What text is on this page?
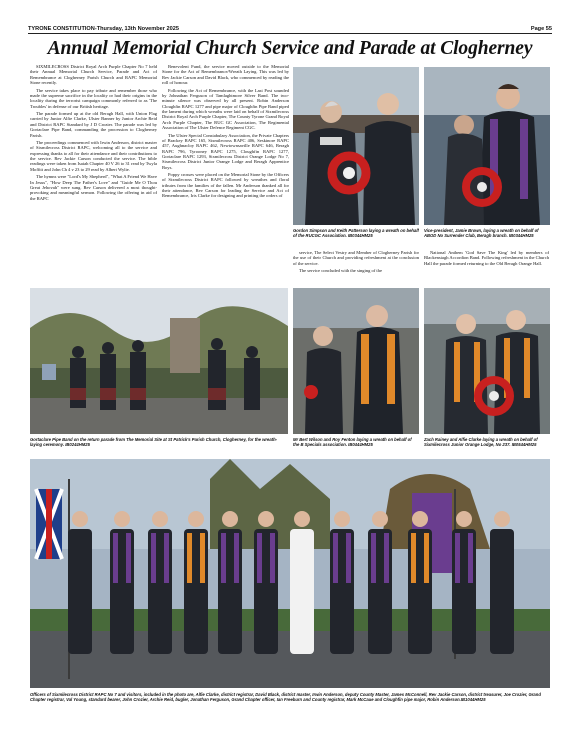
TYRONE CONSTITUTION-Thursday, 13th November 2025	Page 55
Annual Memorial Church Service and Parade at Clogherney

SIXMILECROSS District Royal Arch Purple Chapter No 7 held their Annual Memorial Church Service, Parade and Act of Remembrance at Clogherney Parish Church and RAPC Memorial Stone recently.

The service takes place to pay tribute and remember those who made the supreme sacrifice in the locality or had their origins in the locality during the terrorist campaign commonly referred to as 'The Troubles' in defense of our British heritage.

The parade formed up at the old Beragh Hall, with Union Flag carried by Junior Alfie Clarke, Ulster Banner by Junior Archie Reid and District RAPC Standard by J D Crozier. The parade was led by Gortaclare Pipe Band, commanding the procession to Clogherney Parish.

The proceedings commenced with Irwin Anderson, district master of Sixmilecross District RAPC, welcoming all to the service and expressing thanks to all for their attendance and their contributions to the service. Rev Jackie Carson conducted the service. The bible readings were taken from Isaiah Chapter 40 V 26 to 31 read by Twyla Moffitt and John Ch 4 v 23 to 29 read by Albert Wylie.

The hymns were "Lord's My Shepherd", "What A Friend We Have In Jesus", "How Deep The Father's Love" and "Guide Me O Thou Great Jehovah" were sung. Rev Carson delivered a most thought-provoking and meaningful sermon. Following the offering in aid of the RAPC

Benevolent Fund, the service moved outside to the Memorial Stone for the Act of Remembrance/Wreath Laying. This was led by Rev Jackie Carson and David Black, who commenced by reading the roll of honour.

Following the Act of Remembrance, with the Last Post sounded by Johnathan Ferguson of Tamlaghtmore Silver Band. The two-minute silence was observed by all present. Robin Anderson Cloughfin RAPC 1277 and pipe major of Cloughfin Pipe Band piped the lament during which wreaths were laid on behalf of Sixmilecross District Royal Arch Purple Chapter, The County Tyrone Grand Royal Arch Purple Chapter, The RUC GC Association, The Regimental Association of The Ulster Defence Regiment CGC.

The Ulster Special Constabulary Association, the Private Chapters of Brackey RAPC 165, Sixmilecross RAPC 406, Seskinore RAPC 457, Aughnacloy RAPC 462, Newtownsaville RAPC 646, Beragh RAPC 796, Tyrooney RAPC 1275, Cloughfin RAPC 1277, Gortaclare RAPC 1293, Sixmilecross District Orange Lodge No 7, Sixmilecross District Junior Orange Lodge and Beragh Apprentice Boys.

Poppy crosses were placed on the Memorial Stone by the Officers of Sixmilecross District RAPC followed by wreathes and floral tributes from the families of the fallen. Mr Anderson thanked all for their attendance, Rev Carson for leading the Service and Act of Remembrance, Iris Clarke for designing and printing the orders of

service, The Select Vestry and Member of Clogherney Parish for the use of their Church and providing refreshment at the conclusion of the service.

The service concluded with the singing of the

National Anthem 'God Save The King' led by members of Blackenstagh Accordion Band. Following refreshment in the Church Hall the parade formed returning to the Old Beragh Orange Hall.

Gordon Simpson and Keith Patterson laying a wreath on behalf of the RUCGC Association. IB0344HM25
Vice-president, Jamie Brown, laying a wreath on behalf of ABOD No Surrender Club, Beragh branch. IB0344HM25
Gortaclare Pipe Band on the return parade from The Memorial Site at St Patrick's Parish Church, Clogherney, for the wreath-laying ceremony. IB0244HM25
Mr Bert Wilson and Roy Fenton laying a wreath on behalf of the B Specials association. IB0444HM25
Zach Rainey and Alfie Clarke laying a wreath on behalf of Sixmilecross Junior Orange Lodge, No 237. IB0544HM25
Officers of Sixmilecross District RAPC No 7 and visitors, included in the photo are, Alfie Clarke, district registrar, David Black, district master, Irwin Anderson, deputy County Master, James McConnell, Rev Jackie Carson, district treasurer, Joe Crozier, Grand Chapter registrar, Val Young, standard bearer, John Crozier, Archie Reid, bugler, Jonathan Ferguson, Grand Chapter officer, Ian Freeburn and County registrar, Mark McCaue and Cloughfin pipe major, Robin Anderson.IB1044HM25
